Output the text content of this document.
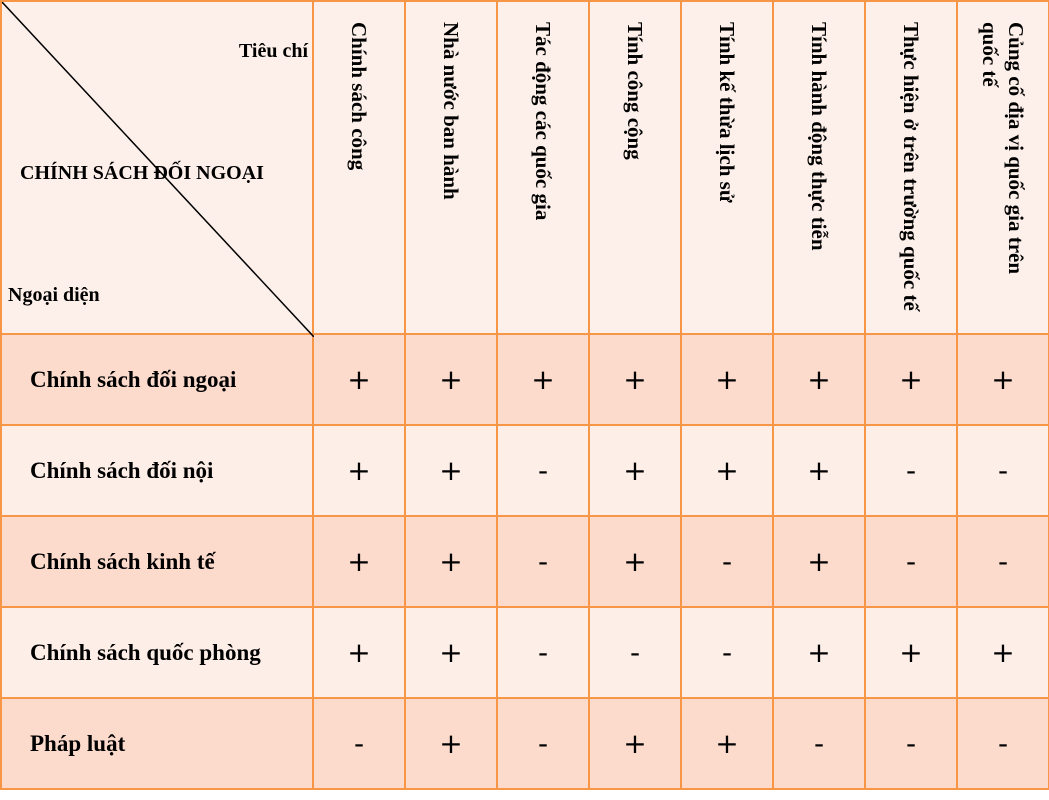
Tiêu chí
CHÍNH SÁCH ĐỐI NGOẠI
Ngoại diện	Chính sách công	Nhà nước ban hành	Tác động các quốc gia	Tính công cộng	Tính kế thừa lịch sử	Tính hành động thực tiễn	Thực hiện ở trên trường quốc tế	Củng cố địa vị quốc gia trên quốc tế

Chính sách đối ngoại	+	+	+	+	+	+	+	+
Chính sách đối nội	+	+	-	+	+	+	-	-
Chính sách kinh tế	+	+	-	+	-	+	-	-
Chính sách quốc phòng	+	+	-	-	-	+	+	+
Pháp luật	-	+	-	+	+	-	-	-
